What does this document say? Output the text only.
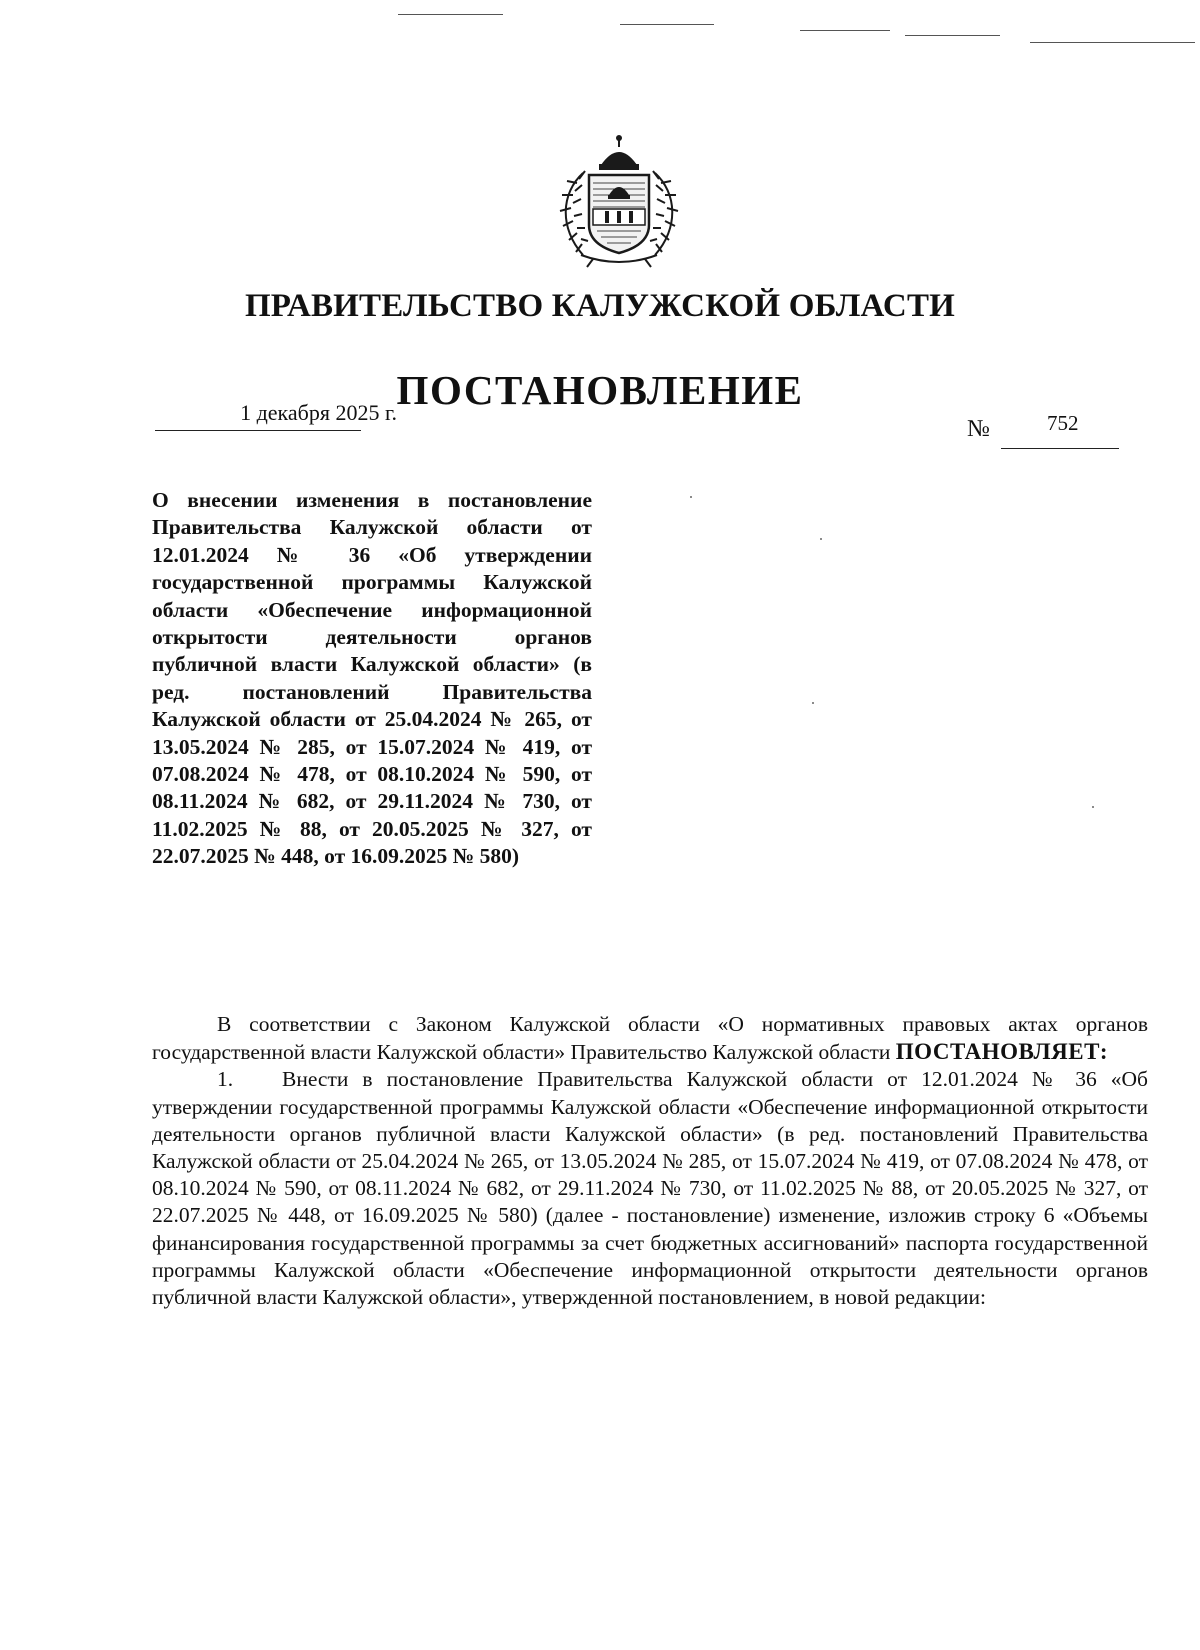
ПРАВИТЕЛЬСТВО КАЛУЖСКОЙ ОБЛАСТИ
ПОСТАНОВЛЕНИЕ
1 декабря 2025 г.
№	752
О внесении изменения в постановление Правительства Калужской области от 12.01.2024 № 36 «Об утверждении государственной программы Калужской области «Обеспечение информационной открытости деятельности органов публичной власти Калужской области» (в ред. постановлений Правительства Калужской области от 25.04.2024 № 265, от 13.05.2024 № 285, от 15.07.2024 № 419, от 07.08.2024 № 478, от 08.10.2024 № 590, от 08.11.2024 № 682, от 29.11.2024 № 730, от 11.02.2025 № 88, от 20.05.2025 № 327, от 22.07.2025 № 448, от 16.09.2025 № 580)

В соответствии с Законом Калужской области «О нормативных правовых актах органов государственной власти Калужской области» Правительство Калужской области ПОСТАНОВЛЯЕТ:

1. Внести в постановление Правительства Калужской области от 12.01.2024 № 36 «Об утверждении государственной программы Калужской области «Обеспечение информационной открытости деятельности органов публичной власти Калужской области» (в ред. постановлений Правительства Калужской области от 25.04.2024 № 265, от 13.05.2024 № 285, от 15.07.2024 № 419, от 07.08.2024 № 478, от 08.10.2024 № 590, от 08.11.2024 № 682, от 29.11.2024 № 730, от 11.02.2025 № 88, от 20.05.2025 № 327, от 22.07.2025 № 448, от 16.09.2025 № 580) (далее - постановление) изменение, изложив строку 6 «Объемы финансирования государственной программы за счет бюджетных ассигнований» паспорта государственной программы Калужской области «Обеспечение информационной открытости деятельности органов публичной власти Калужской области», утвержденной постановлением, в новой редакции:
